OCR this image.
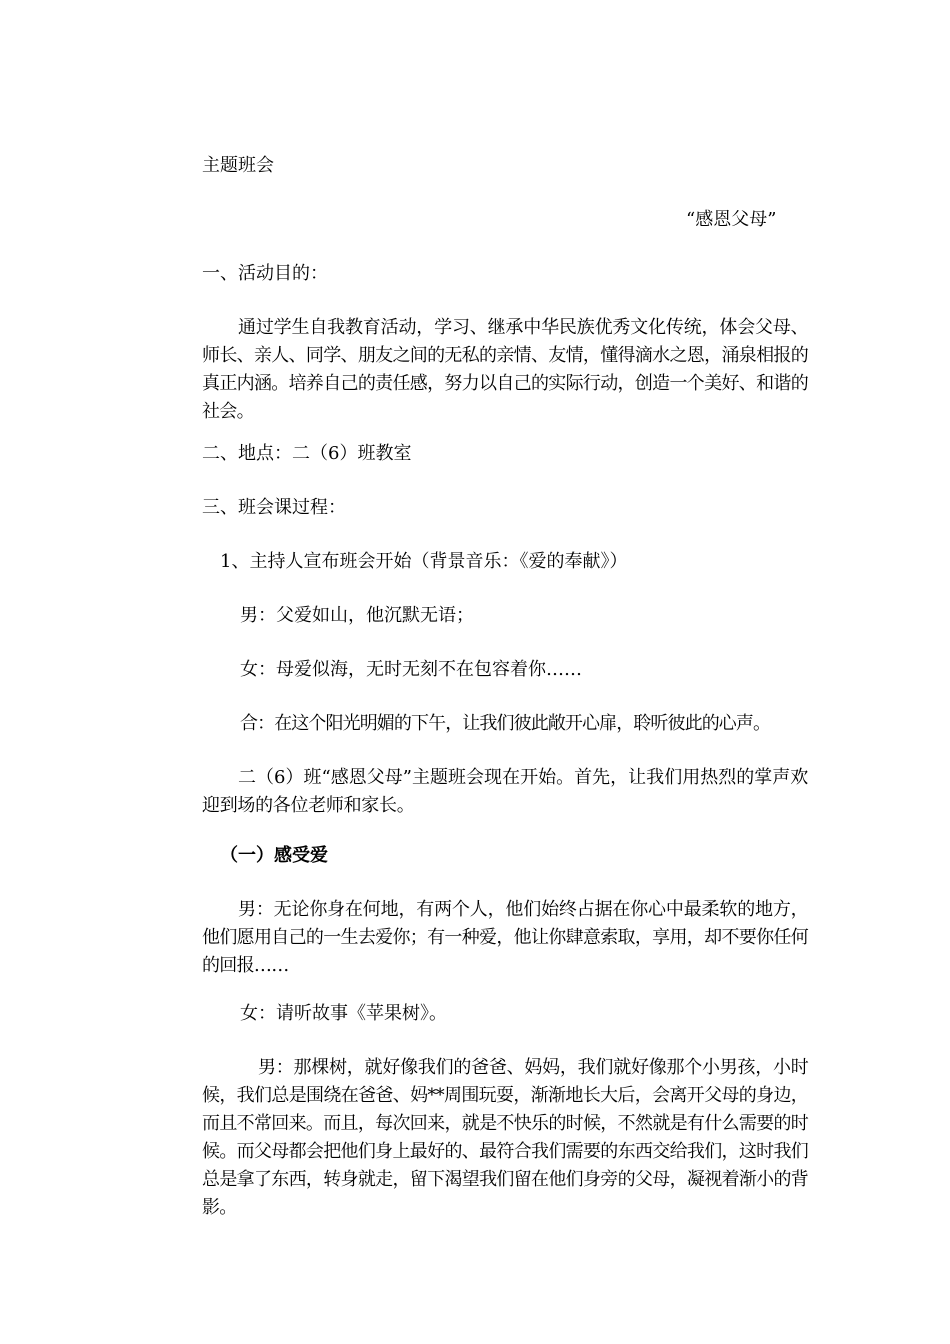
主题班会

“感恩父母”

一、活动目的：

通过学生自我教育活动，学习、继承中华民族优秀文化传统，体会父母、师长、亲人、同学、朋友之间的无私的亲情、友情，懂得滴水之恩，涌泉相报的真正内涵。培养自己的责任感，努力以自己的实际行动，创造一个美好、和谐的社会。

二、地点：二（6）班教室

三、班会课过程：

1、主持人宣布班会开始（背景音乐：《爱的奉献》）

男：父爱如山，他沉默无语；

女：母爱似海，无时无刻不在包容着你……

合：在这个阳光明媚的下午，让我们彼此敞开心扉，聆听彼此的心声。

二（6）班“感恩父母”主题班会现在开始。首先，让我们用热烈的掌声欢迎到场的各位老师和家长。

（一）感受爱

男：无论你身在何地，有两个人，他们始终占据在你心中最柔软的地方，他们愿用自己的一生去爱你；有一种爱，他让你肆意索取，享用，却不要你任何的回报……

女：请听故事《苹果树》。

男：那棵树，就好像我们的爸爸、妈妈，我们就好像那个小男孩，小时候，我们总是围绕在爸爸、妈**周围玩耍，渐渐地长大后，会离开父母的身边，而且不常回来。而且，每次回来，就是不快乐的时候，不然就是有什么需要的时候。而父母都会把他们身上最好的、最符合我们需要的东西交给我们，这时我们总是拿了东西，转身就走，留下渴望我们留在他们身旁的父母，凝视着渐小的背影。
